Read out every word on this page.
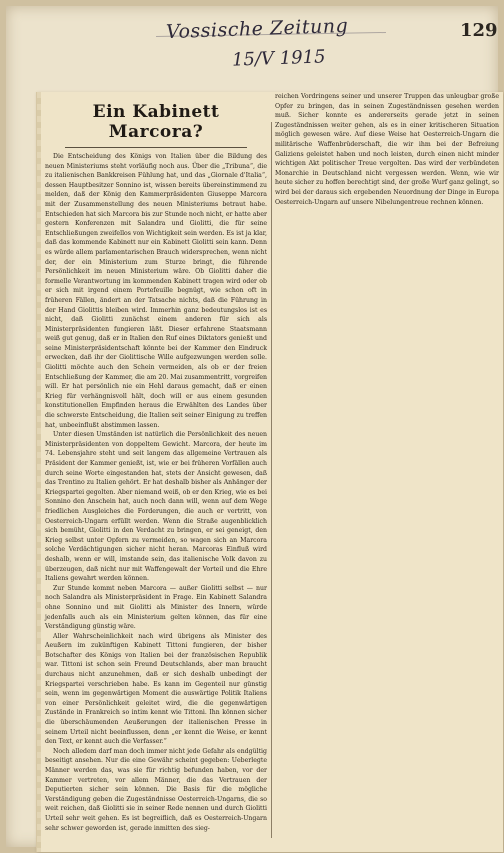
Vossische Zeitung
15/V 1915
129
Ein Kabinett Marcora?

Die Entscheidung des Königs von Italien über die Bildung des neuen Ministeriums steht vorläufig noch aus. Über die „Tribuna“, die zu italienischen Bankkreisen Fühlung hat, und das „Giornale d'Italia“, dessen Hauptbesitzer Sonnino ist, wissen bereits übereinstimmend zu melden, daß der König den Kammerpräsidenten Giuseppe Marcora mit der Zusammenstellung des neuen Ministeriums betraut habe. Entschieden hat sich Marcora bis zur Stunde noch nicht, er hatte aber gestern Konferenzen mit Salandra und Giolitti, die für seine Entschließungen zweifellos von Wichtigkeit sein werden. Es ist ja klar, daß das kommende Kabinett nur ein Kabinett Giolitti sein kann. Denn es würde allem parlamentarischen Brauch widersprechen, wenn nicht der, der ein Ministerium zum Sturze bringt, die führende Persönlichkeit im neuen Ministerium wäre. Ob Giolitti daher die formelle Verantwortung im kommenden Kabinett tragen wird oder ob er sich mit irgend einem Portefeuille begnügt, wie schon oft in früheren Fällen, ändert an der Tatsache nichts, daß die Führung in der Hand Giolittis bleiben wird. Immerhin ganz bedeutungslos ist es nicht, daß Giolitti zunächst einem anderen für sich als Ministerpräsidenten fungieren läßt. Dieser erfahrene Staatsmann weiß gut genug, daß er in Italien den Ruf eines Diktators genießt und seine Ministerpräsidentschaft könnte bei der Kammer den Eindruck erwecken, daß ihr der Giolittische Wille aufgezwungen werden solle. Giolitti möchte auch den Schein vermeiden, als ob er der freien Entschließung der Kammer, die am 20. Mai zusammentritt, vorgreifen will. Er hat persönlich nie ein Hehl daraus gemacht, daß er einen Krieg für verhängnisvoll hält, doch will er aus einem gesunden konstitutionellen Empfinden heraus die Erwählten des Landes über die schwerste Entscheidung, die Italien seit seiner Einigung zu treffen hat, unbeeinflußt abstimmen lassen.

Unter diesen Umständen ist natürlich die Persönlichkeit des neuen Ministerpräsidenten von doppeltem Gewicht. Marcora, der heute im 74. Lebensjahre steht und seit langem das allgemeine Vertrauen als Präsident der Kammer genießt, ist, wie er bei früheren Vorfällen auch durch seine Worte eingestanden hat, stets der Ansicht gewesen, daß das Trentino zu Italien gehört. Er hat deshalb bisher als Anhänger der Kriegspartei gegolten. Aber niemand weiß, ob er den Krieg, wie es bei Sonnino den Anschein hat, auch noch dann will, wenn auf dem Wege friedlichen Ausgleiches die Forderungen, die auch er vertritt, von Oesterreich-Ungarn erfüllt werden. Wenn die Straße augenblicklich sich bemüht, Giolitti in den Verdacht zu bringen, er sei geneigt, den Krieg selbst unter Opfern zu vermeiden, so wagen sich an Marcora solche Verdächtigungen sicher nicht heran. Marcoras Einfluß wird deshalb, wenn er will, imstande sein, das italienische Volk davon zu überzeugen, daß nicht nur mit Waffengewalt der Vorteil und die Ehre Italiens gewahrt werden können.

Zur Stunde kommt neben Marcora — außer Giolitti selbst — nur noch Salandra als Ministerpräsident in Frage. Ein Kabinett Salandra ohne Sonnino und mit Giolitti als Minister des Innern, würde jedenfalls auch als ein Ministerium gelten können, das für eine Verständigung günstig wäre.

Aller Wahrscheinlichkeit nach wird übrigens als Minister des Aeußern im zukünftigen Kabinett Tittoni fungieren, der bisher Botschafter des Königs von Italien bei der französischen Republik war. Tittoni ist schon sein Freund Deutschlands, aber man braucht durchaus nicht anzunehmen, daß er sich deshalb unbedingt der Kriegspartei verschrieben habe. Es kann im Gegenteil nur günstig sein, wenn im gegenwärtigen Moment die auswärtige Politik Italiens von einer Persönlichkeit geleitet wird, die die gegenwärtigen Zustände in Frankreich so intim kennt wie Tittoni. Ihn können sicher die überschäumenden Aeußerungen der italienischen Presse in seinem Urteil nicht beeinflussen, denn „er kennt die Weise, er kennt den Text, er kennt auch die Verfasser.“

Noch alledem darf man doch immer nicht jede Gefahr als endgültig beseitigt ansehen. Nur die eine Gewähr scheint gegeben: Ueberlegte Männer werden das, was sie für richtig befunden haben, vor der Kammer vertreten, vor allem Männer, die das Vertrauen der Deputierten sicher sein können. Die Basis für die mögliche Verständigung geben die Zugeständnisse Oesterreich-Ungarns, die so weit reichen, daß Giolitti sie in seiner Rede nennen und durch Giolitti Urteil sehr weit gehen. Es ist begreiflich, daß es Oesterreich-Ungarn sehr schwer geworden ist, gerade inmitten des sieg-

reichen Vordringens seiner und unserer Truppen das unleugbar große Opfer zu bringen, das in seinen Zugeständnissen gesehen werden muß. Sicher konnte es andererseits gerade jetzt in seinen Zugeständnissen weiter gehen, als es in einer kritischeren Situation möglich gewesen wäre. Auf diese Weise hat Oesterreich-Ungarn die militärische Waffenbrüderschaft, die wir ihm bei der Befreiung Galiziens geleistet haben und noch leisten, durch einen nicht minder wichtigen Akt politischer Treue vergolten. Das wird der verbündeten Monarchie in Deutschland nicht vergessen werden. Wenn, wie wir heute sicher zu hoffen berechtigt sind, der große Wurf ganz gelingt, so wird bei der daraus sich ergebenden Neuordnung der Dinge in Europa Oesterreich-Ungarn auf unsere Nibelungentreue rechnen können.
